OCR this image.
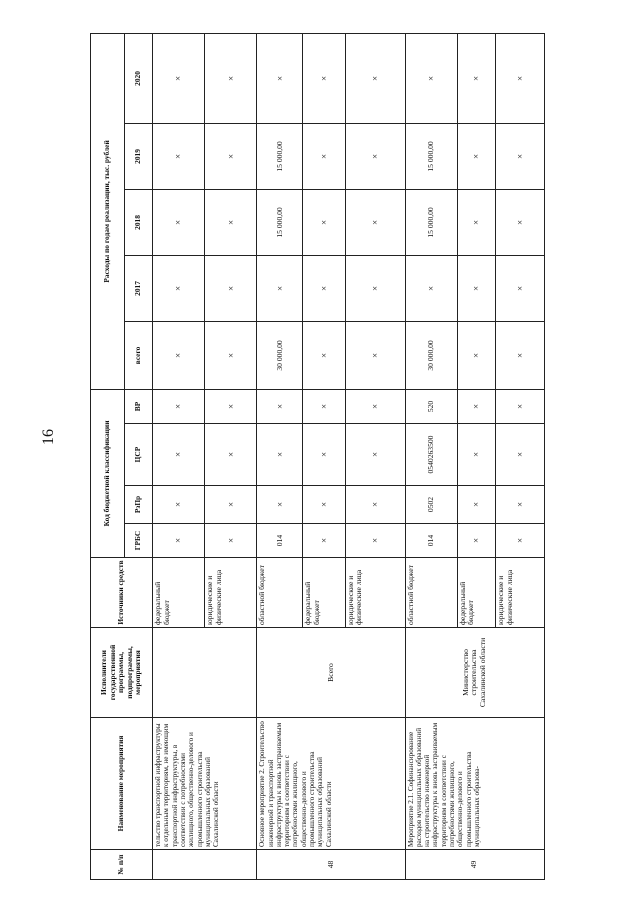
16
№ п/п	Наименование мероприятия	Исполнители государственной программы, подпрограммы, мероприятия	Источники средств	Код бюджетной классификации				Расходы по годам реализации, тыс. рублей				
				ГРБС	РзПр	ЦСР	ВР	всего	2017	2018	2019	2020
	тельство транспортной инфраструктуры к отдельным территориям, не имеющим транспортной инфраструктуры, в соответствии с потребностями жилищного, общественно-делового и промышленного строительства муниципальных образований Сахалинской области		федеральный бюджет	×	×	×	×	×	×	×	×	×
			юридические и физические лица	×	×	×	×	×	×	×	×	×
48	Основное мероприятие 2. Строительство инженерной и транспортной инфраструктуры к вновь застраиваемым территориям в соответствии с потребностями жилищного, общественно-делового и промышленного строительства муниципальных образований Сахалинской области	Всего	областной бюджет	014	×	×	×	30 000,00	×	15 000,00	15 000,00	×
			федеральный бюджет	×	×	×	×	×	×	×	×	×
			юридические и физические лица	×	×	×	×	×	×	×	×	×
49	Мероприятие 2.1. Софинансирование расходов муниципальных образований на строительство инженерной инфраструктуры к вновь застраиваемым территориям в соответствии с потребностями жилищного, общественно-делового и промышленного строительства муниципальных образова-	Министерство строительства Сахалинской области	областной бюджет	014	0502	0540263500	520	30 000,00	×	15 000,00	15 000,00	×
			федеральный бюджет	×	×	×	×	×	×	×	×	×
			юридические и физические лица	×	×	×	×	×	×	×	×	×
